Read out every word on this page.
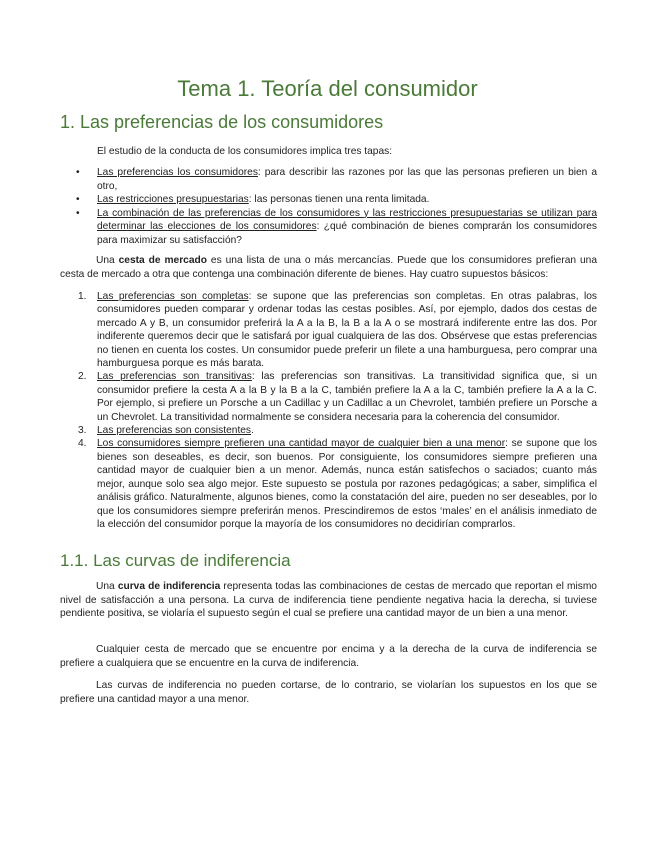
Tema 1. Teoría del consumidor
1. Las preferencias de los consumidores

El estudio de la conducta de los consumidores implica tres tapas:

• Las preferencias los consumidores: para describir las razones por las que las personas prefieren un bien a otro,
• Las restricciones presupuestarias: las personas tienen una renta limitada.
• La combinación de las preferencias de los consumidores y las restricciones presupuestarias se utilizan para determinar las elecciones de los consumidores: ¿qué combinación de bienes comprarán los consumidores para maximizar su satisfacción?

Una cesta de mercado es una lista de una o más mercancías. Puede que los consumidores prefieran una cesta de mercado a otra que contenga una combinación diferente de bienes. Hay cuatro supuestos básicos:

1. Las preferencias son completas: se supone que las preferencias son completas. En otras palabras, los consumidores pueden comparar y ordenar todas las cestas posibles. Así, por ejemplo, dados dos cestas de mercado A y B, un consumidor preferirá la A a la B, la B a la A o se mostrará indiferente entre las dos. Por indiferente queremos decir que le satisfará por igual cualquiera de las dos. Obsérvese que estas preferencias no tienen en cuenta los costes. Un consumidor puede preferir un filete a una hamburguesa, pero comprar una hamburguesa porque es más barata.
2. Las preferencias son transitivas: las preferencias son transitivas. La transitividad significa que, si un consumidor prefiere la cesta A a la B y la B a la C, también prefiere la A a la C, también prefiere la A a la C. Por ejemplo, si prefiere un Porsche a un Cadillac y un Cadillac a un Chevrolet, también prefiere un Porsche a un Chevrolet. La transitividad normalmente se considera necesaria para la coherencia del consumidor.
3. Las preferencias son consistentes.
4. Los consumidores siempre prefieren una cantidad mayor de cualquier bien a una menor: se supone que los bienes son deseables, es decir, son buenos. Por consiguiente, los consumidores siempre prefieren una cantidad mayor de cualquier bien a un menor. Además, nunca están satisfechos o saciados; cuanto más mejor, aunque solo sea algo mejor. Este supuesto se postula por razones pedagógicas; a saber, simplifica el análisis gráfico. Naturalmente, algunos bienes, como la constatación del aire, pueden no ser deseables, por lo que los consumidores siempre preferirán menos. Prescindiremos de estos ‘males’ en el análisis inmediato de la elección del consumidor porque la mayoría de los consumidores no decidirían comprarlos.
1.1. Las curvas de indiferencia

Una curva de indiferencia representa todas las combinaciones de cestas de mercado que reportan el mismo nivel de satisfacción a una persona. La curva de indiferencia tiene pendiente negativa hacia la derecha, si tuviese pendiente positiva, se violaría el supuesto según el cual se prefiere una cantidad mayor de un bien a una menor.

Cualquier cesta de mercado que se encuentre por encima y a la derecha de la curva de indiferencia se prefiere a cualquiera que se encuentre en la curva de indiferencia.

Las curvas de indiferencia no pueden cortarse, de lo contrario, se violarían los supuestos en los que se prefiere una cantidad mayor a una menor.
